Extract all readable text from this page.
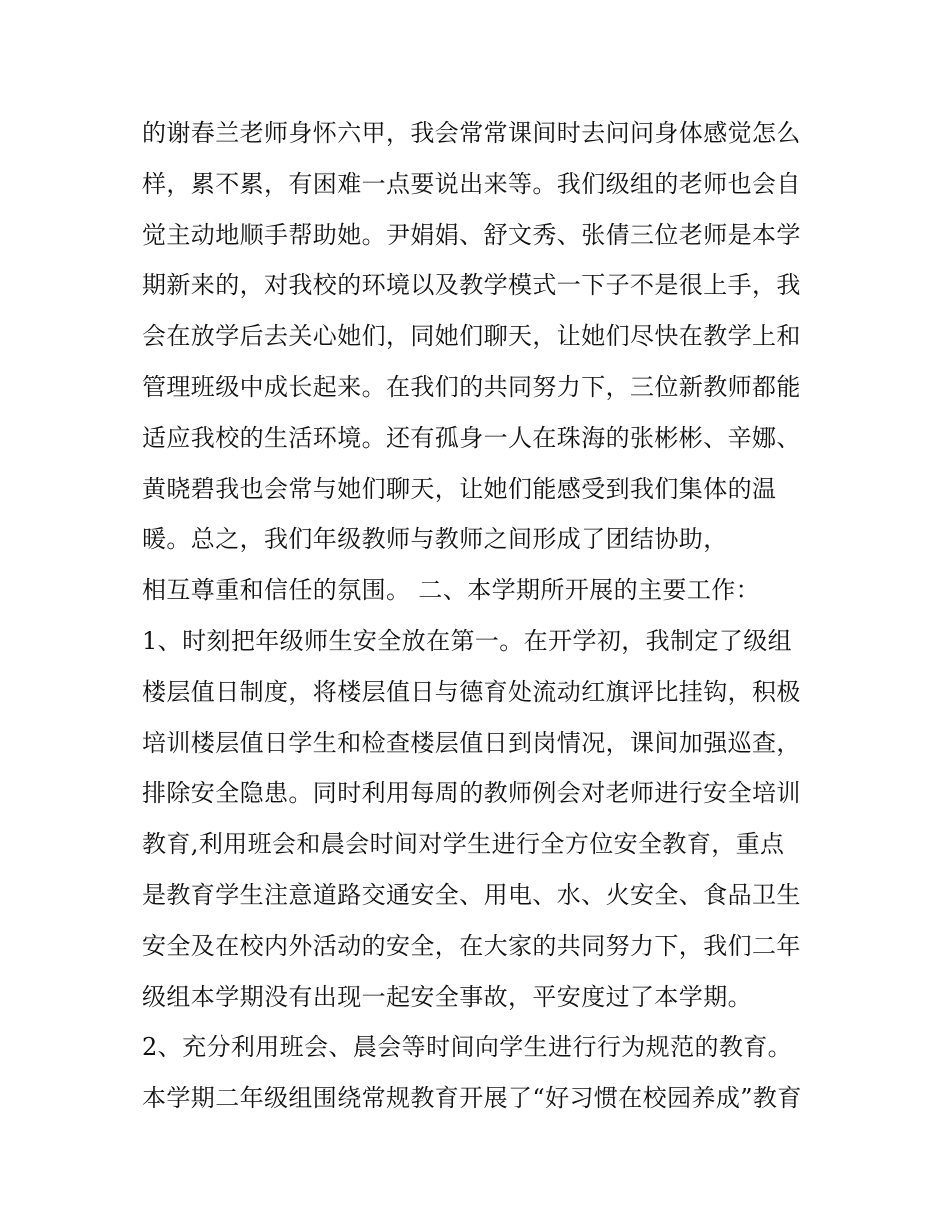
的谢春兰老师身怀六甲，我会常常课间时去问问身体感觉怎么
样，累不累，有困难一点要说出来等。我们级组的老师也会自
觉主动地顺手帮助她。尹娟娟、舒文秀、张倩三位老师是本学
期新来的，对我校的环境以及教学模式一下子不是很上手，我
会在放学后去关心她们，同她们聊天，让她们尽快在教学上和
管理班级中成长起来。在我们的共同努力下，三位新教师都能
适应我校的生活环境。还有孤身一人在珠海的张彬彬、辛娜、
黄晓碧我也会常与她们聊天，让她们能感受到我们集体的温
暖。总之，我们年级教师与教师之间形成了团结协助，
相互尊重和信任的氛围。 二、本学期所开展的主要工作：
1、时刻把年级师生安全放在第一。在开学初，我制定了级组
楼层值日制度，将楼层值日与德育处流动红旗评比挂钩，积极
培训楼层值日学生和检查楼层值日到岗情况，课间加强巡查，
排除安全隐患。同时利用每周的教师例会对老师进行安全培训
教育,利用班会和晨会时间对学生进行全方位安全教育，重点
是教育学生注意道路交通安全、用电、水、火安全、食品卫生
安全及在校内外活动的安全，在大家的共同努力下，我们二年
级组本学期没有出现一起安全事故，平安度过了本学期。
2、充分利用班会、晨会等时间向学生进行行为规范的教育。
本学期二年级组围绕常规教育开展了“好习惯在校园养成”教育
